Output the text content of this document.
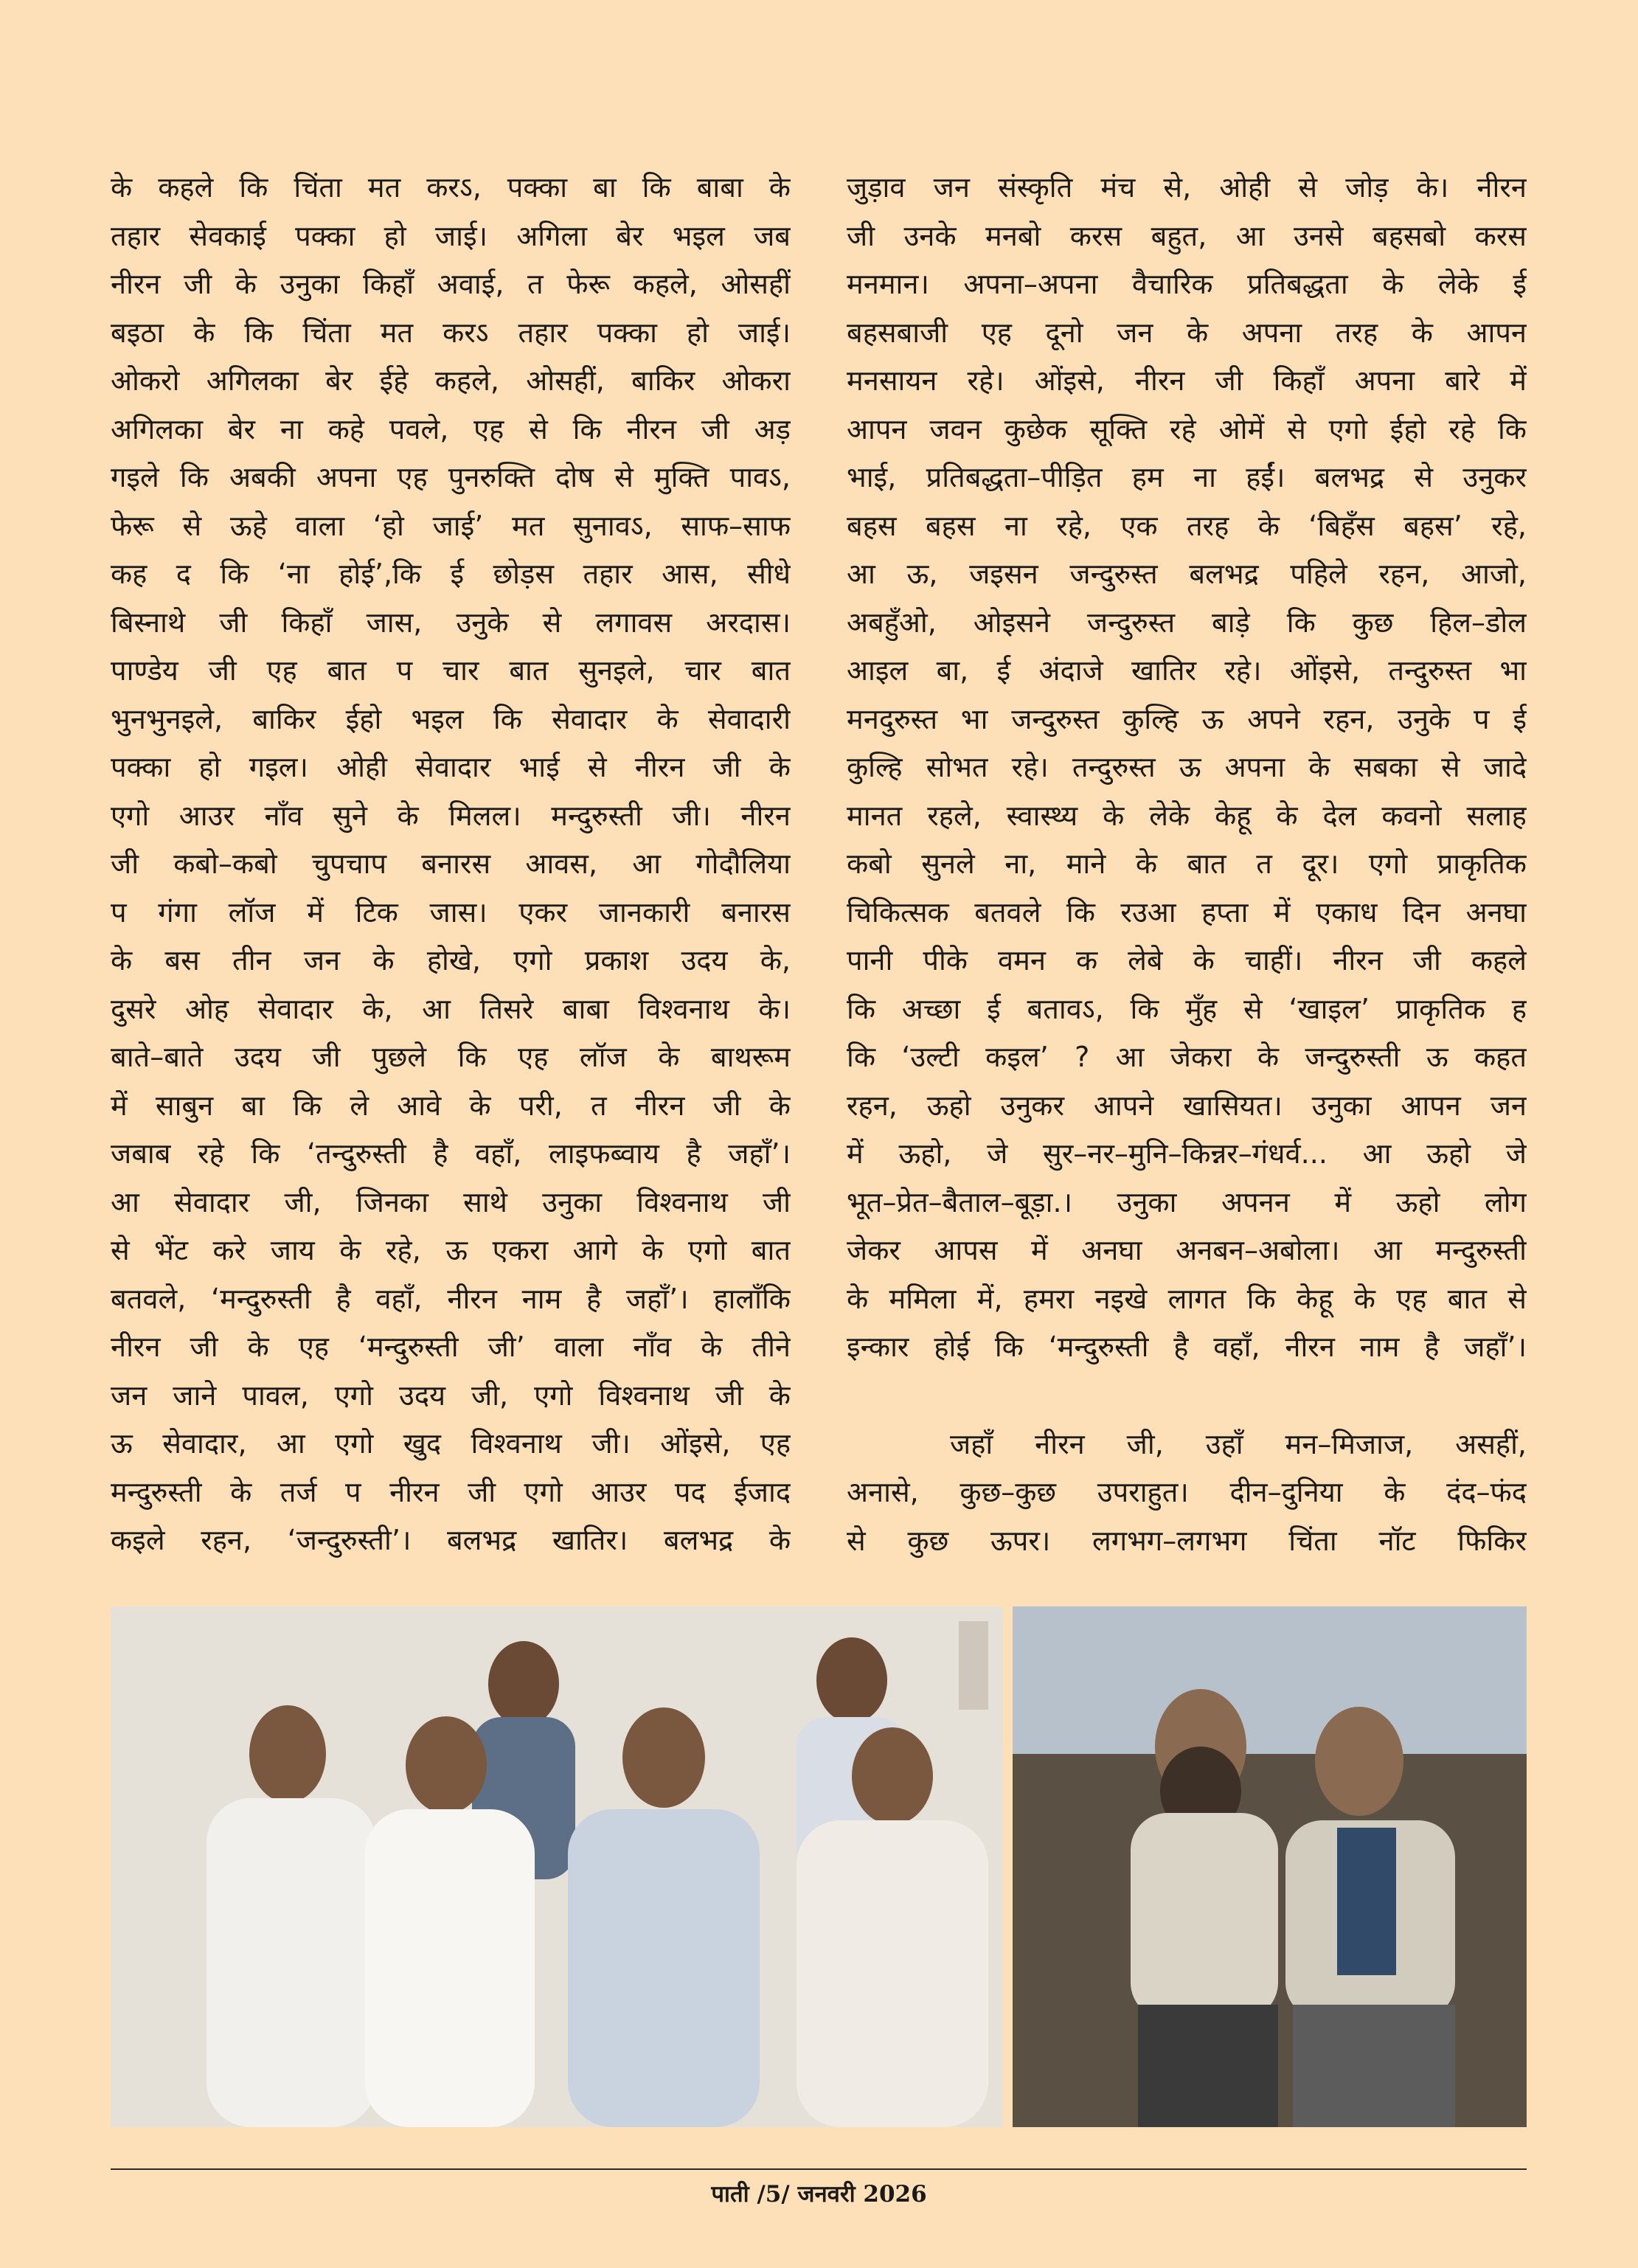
के कहले कि चिंता मत करऽ, पक्का बा कि बाबा के

तहार सेवकाई पक्का हो जाई। अगिला बेर भइल जब

नीरन जी के उनुका किहाँ अवाई, त फेरू कहले, ओसहीं

बइठा के कि चिंता मत करऽ तहार पक्का हो जाई।

ओकरो अगिलका बेर ईहे कहले, ओसहीं, बाकिर ओकरा

अगिलका बेर ना कहे पवले, एह से कि नीरन जी अड़

गइले कि अबकी अपना एह पुनरुक्ति दोष से मुक्ति पावऽ,

फेरू से ऊहे वाला ‘हो जाई’ मत सुनावऽ, साफ–साफ

कह द कि ‘ना होई’,कि ई छोड़स तहार आस, सीधे

बिस्नाथे जी किहाँ जास, उनुके से लगावस अरदास।

पाण्डेय जी एह बात प चार बात सुनइले, चार बात

भुनभुनइले, बाकिर ईहो भइल कि सेवादार के सेवादारी

पक्का हो गइल। ओही सेवादार भाई से नीरन जी के

एगो आउर नाँव सुने के मिलल। मन्दुरुस्ती जी। नीरन

जी कबो–कबो चुपचाप बनारस आवस, आ गोदौलिया

प गंगा लॉज में टिक जास। एकर जानकारी बनारस

के बस तीन जन के होखे, एगो प्रकाश उदय के,

दुसरे ओह सेवादार के, आ तिसरे बाबा विश्वनाथ के।

बाते–बाते उदय जी पुछले कि एह लॉज के बाथरूम

में साबुन बा कि ले आवे के परी, त नीरन जी के

जबाब रहे कि ‘तन्दुरुस्ती है वहाँ, लाइफब्वाय है जहाँ’।

आ सेवादार जी, जिनका साथे उनुका विश्वनाथ जी

से भेंट करे जाय के रहे, ऊ एकरा आगे के एगो बात

बतवले, ‘मन्दुरुस्ती है वहाँ, नीरन नाम है जहाँ’। हालाँकि

नीरन जी के एह ‘मन्दुरुस्ती जी’ वाला नाँव के तीने

जन जाने पावल, एगो उदय जी, एगो विश्वनाथ जी के

ऊ सेवादार, आ एगो खुद विश्वनाथ जी। ओंइसे, एह

मन्दुरुस्ती के तर्ज प नीरन जी एगो आउर पद ईजाद

कइले रहन, ‘जन्दुरुस्ती’। बलभद्र खातिर। बलभद्र के

जुड़ाव जन संस्कृति मंच से, ओही से जोड़ के। नीरन

जी उनके मनबो करस बहुत, आ उनसे बहसबो करस

मनमान। अपना–अपना वैचारिक प्रतिबद्धता के लेके ई

बहसबाजी एह दूनो जन के अपना तरह के आपन

मनसायन रहे। ओंइसे, नीरन जी किहाँ अपना बारे में

आपन जवन कुछेक सूक्ति रहे ओमें से एगो ईहो रहे कि

भाई, प्रतिबद्धता–पीड़ित हम ना हईं। बलभद्र से उनुकर

बहस बहस ना रहे, एक तरह के ‘बिहँस बहस’ रहे,

आ ऊ, जइसन जन्दुरुस्त बलभद्र पहिले रहन, आजो,

अबहुँओ, ओइसने जन्दुरुस्त बाड़े कि कुछ हिल–डोल

आइल बा, ई अंदाजे खातिर रहे। ओंइसे, तन्दुरुस्त भा

मनदुरुस्त भा जन्दुरुस्त कुल्हि ऊ अपने रहन, उनुके प ई

कुल्हि सोभत रहे। तन्दुरुस्त ऊ अपना के सबका से जादे

मानत रहले, स्वास्थ्य के लेके केहू के देल कवनो सलाह

कबो सुनले ना, माने के बात त दूर। एगो प्राकृतिक

चिकित्सक बतवले कि रउआ हप्ता में एकाध दिन अनघा

पानी पीके वमन क लेबे के चाहीं। नीरन जी कहले

कि अच्छा ई बतावऽ, कि मुँह से ‘खाइल’ प्राकृतिक ह

कि ‘उल्टी कइल’ ? आ जेकरा के जन्दुरुस्ती ऊ कहत

रहन, ऊहो उनुकर आपने खासियत। उनुका आपन जन

में ऊहो, जे सुर–नर–मुनि–किन्नर–गंधर्व... आ ऊहो जे

भूत–प्रेत–बैताल–बूड़ा.। उनुका अपनन में ऊहो लोग

जेकर आपस में अनघा अनबन–अबोला। आ मन्दुरुस्ती

के ममिला में, हमरा नइखे लागत कि केहू के एह बात से

इन्कार होई कि ‘मन्दुरुस्ती है वहाँ, नीरन नाम है जहाँ’।

जहाँ नीरन जी, उहाँ मन–मिजाज, असहीं,

अनासे, कुछ–कुछ उपराहुत। दीन–दुनिया के दंद–फंद

से कुछ ऊपर। लगभग–लगभग चिंता नॉट फिकिर

पाती /5/ जनवरी 2026
